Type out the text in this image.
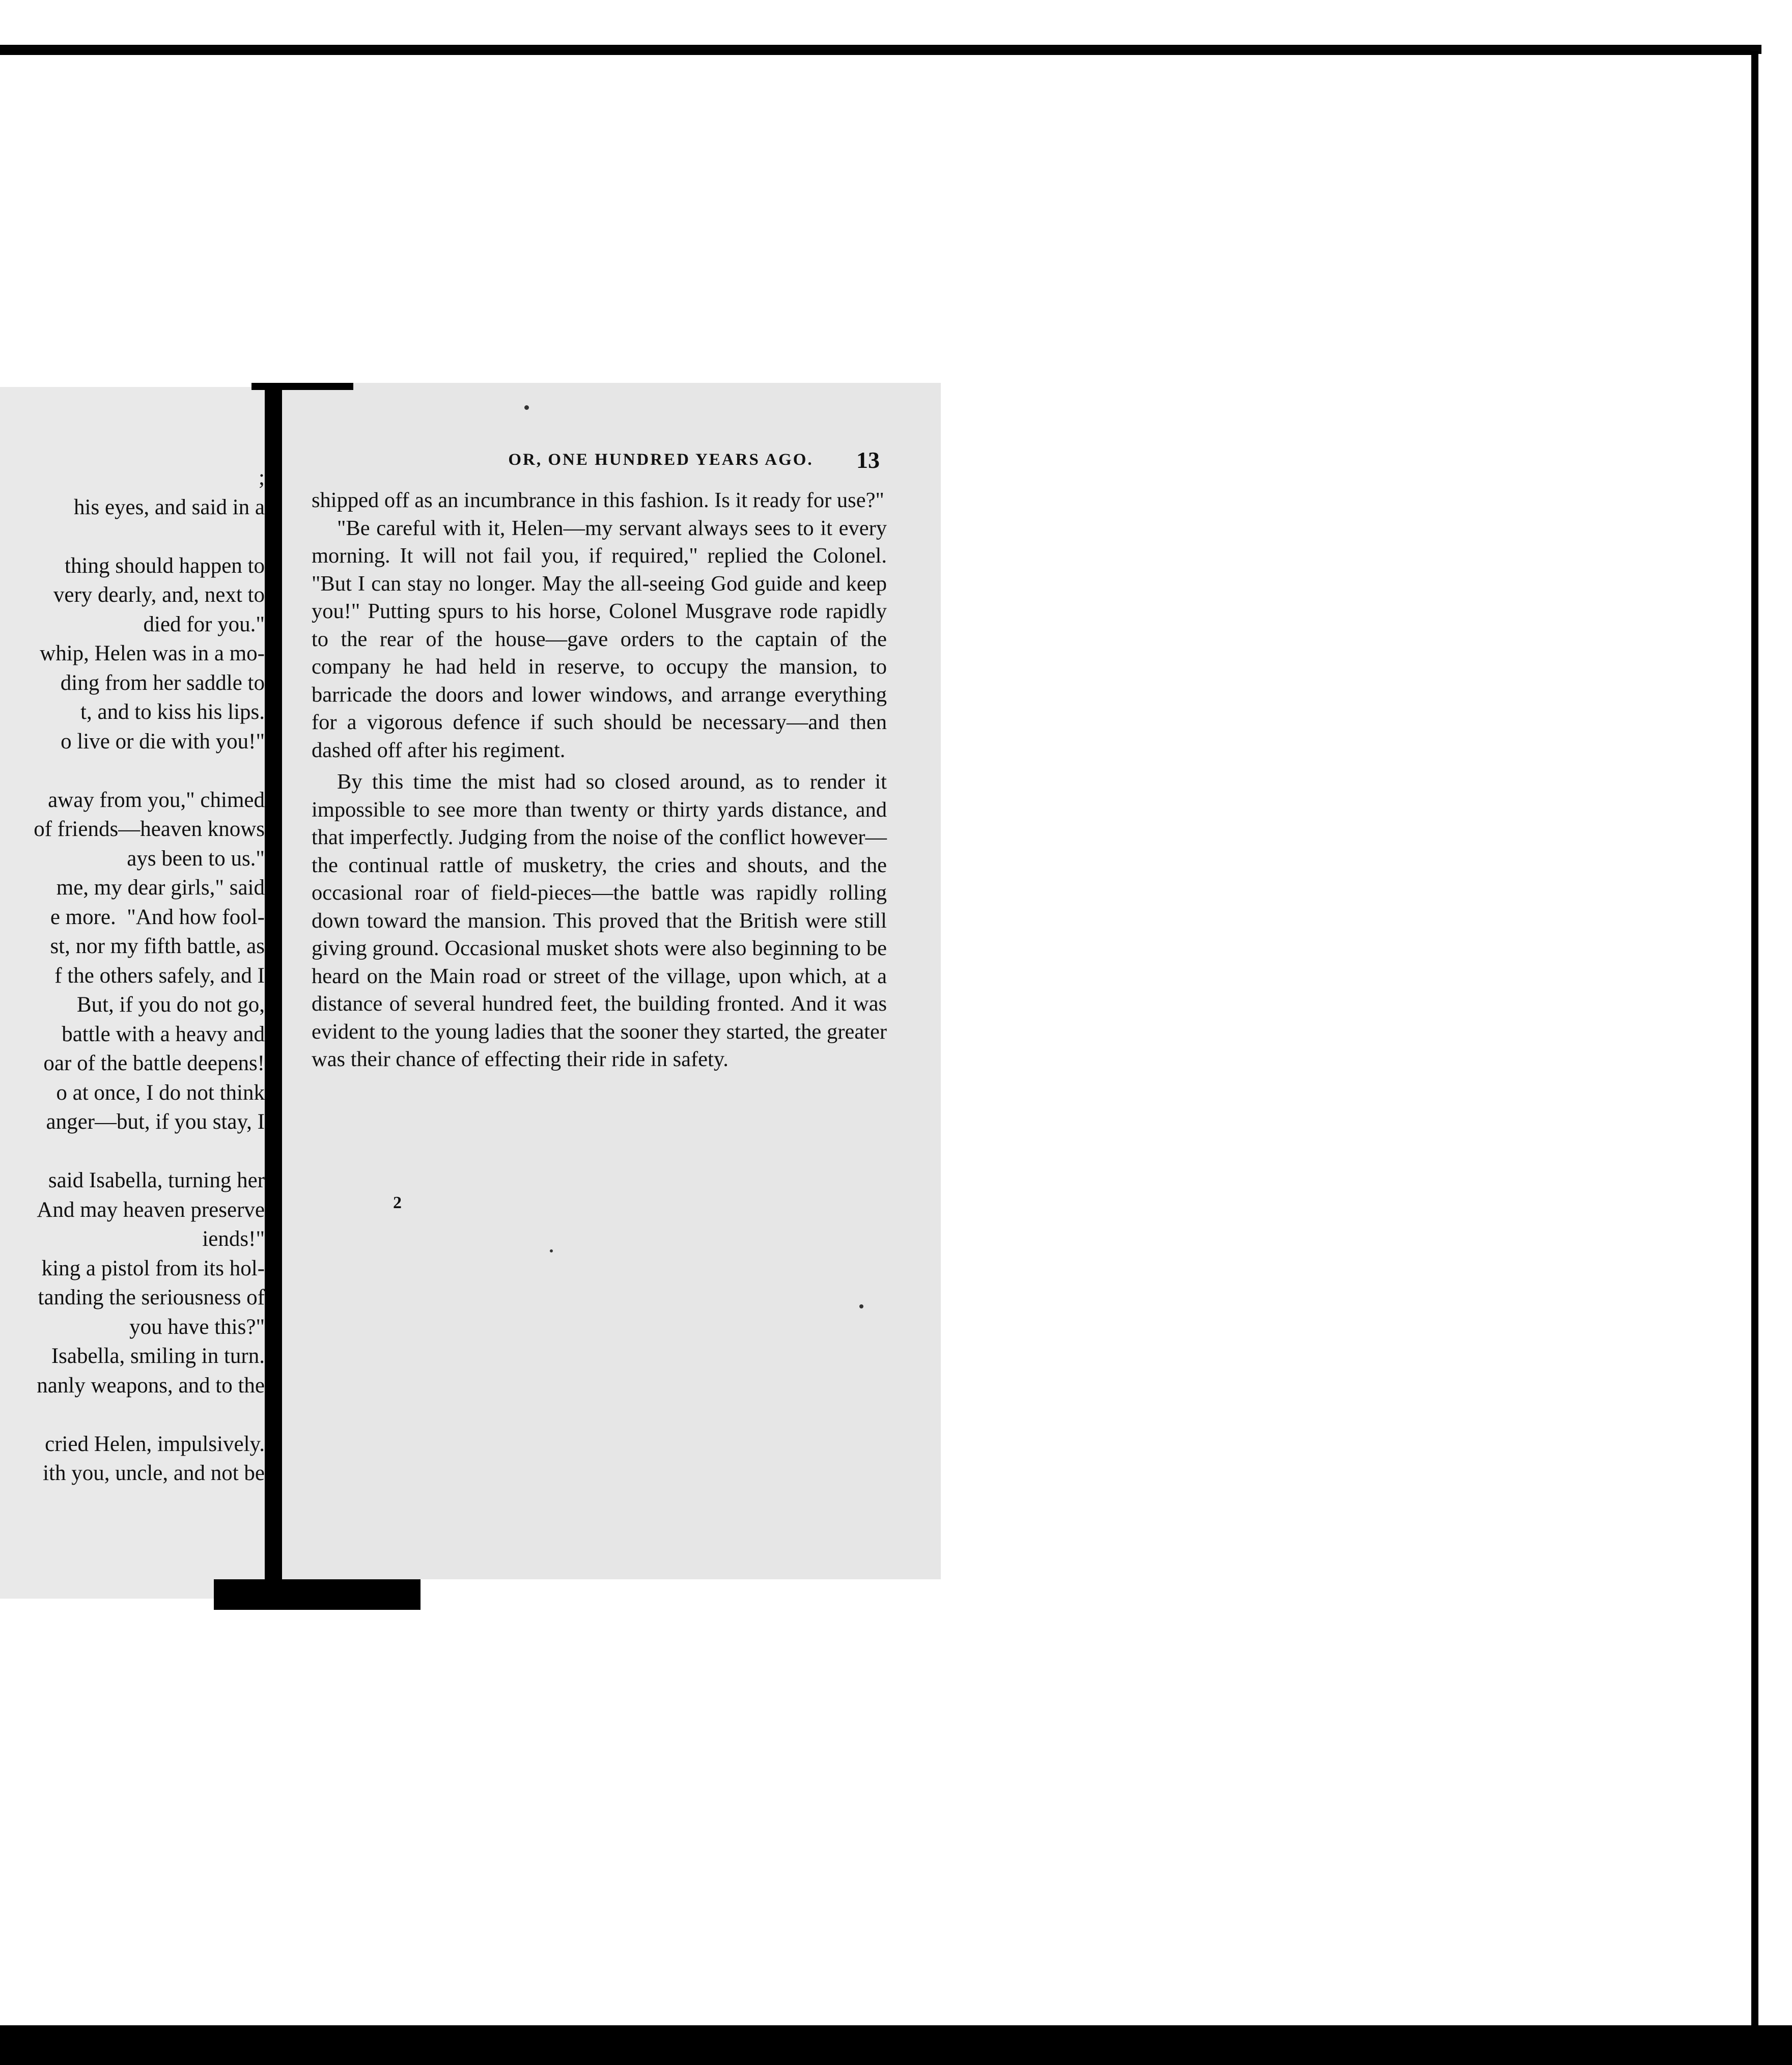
;
his eyes, and said in a
thing should happen to
very dearly, and, next to
died for you."
whip, Helen was in a mo-
ding from her saddle to
t, and to kiss his lips.
o live or die with you!"
away from you," chimed
of friends—heaven knows
ays been to us."
me, my dear girls," said
e more.  "And how fool-
st, nor my fifth battle, as
f the others safely, and I
But, if you do not go,
battle with a heavy and
oar of the battle deepens!
o at once, I do not think
anger—but, if you stay, I
said Isabella, turning her
And may heaven preserve
iends!"
king a pistol from its hol-
tanding the seriousness of
you have this?"
Isabella, smiling in turn.
nanly weapons, and to the
cried Helen, impulsively.
ith you, uncle, and not be
OR, ONE HUNDRED YEARS AGO.	13

shipped off as an incumbrance in this fashion. Is it ready for use?"

"Be careful with it, Helen—my servant always sees to it every morning. It will not fail you, if required," replied the Colonel. "But I can stay no longer. May the all-seeing God guide and keep you!" Putting spurs to his horse, Colonel Musgrave rode rapidly to the rear of the house—gave orders to the captain of the company he had held in reserve, to occupy the mansion, to barricade the doors and lower windows, and arrange everything for a vigorous defence if such should be necessary—and then dashed off after his regiment.

By this time the mist had so closed around, as to render it impossible to see more than twenty or thirty yards distance, and that imperfectly. Judging from the noise of the conflict however—the continual rattle of musketry, the cries and shouts, and the occasional roar of field-pieces—the battle was rapidly rolling down toward the mansion. This proved that the British were still giving ground. Occasional musket shots were also beginning to be heard on the Main road or street of the village, upon which, at a distance of several hundred feet, the building fronted. And it was evident to the young ladies that the sooner they started, the greater was their chance of effecting their ride in safety.

2
